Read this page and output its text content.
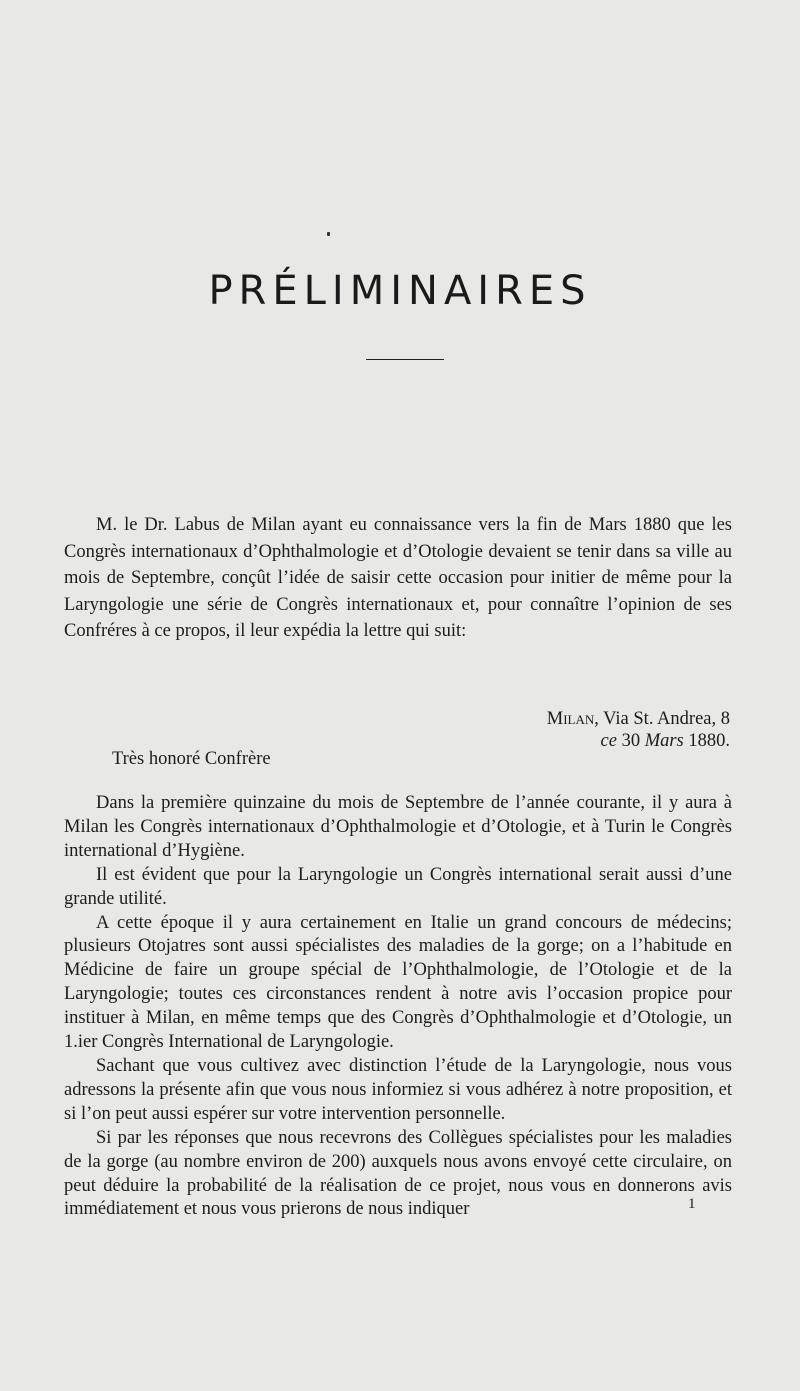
PRÉLIMINAIRES

M. le Dr. Labus de Milan ayant eu connaissance vers la fin de Mars 1880 que les Congrès internationaux d’Ophthalmologie et d’Otologie devaient se tenir dans sa ville au mois de Septembre, conçût l’idée de saisir cette occasion pour initier de même pour la Laryngologie une série de Congrès internationaux et, pour connaître l’opinion de ses Confréres à ce propos, il leur expédia la lettre qui suit:

Milan, Via St. Andrea, 8
ce 30 Mars 1880.
Très honoré Confrère

Dans la première quinzaine du mois de Septembre de l’année courante, il y aura à Milan les Congrès internationaux d’Ophthalmologie et d’Otologie, et à Turin le Congrès international d’Hygiène.

Il est évident que pour la Laryngologie un Congrès international serait aussi d’une grande utilité.

A cette époque il y aura certainement en Italie un grand concours de médecins; plusieurs Otojatres sont aussi spécialistes des maladies de la gorge; on a l’habitude en Médicine de faire un groupe spécial de l’Ophthalmologie, de l’Otologie et de la Laryngologie; toutes ces circonstances rendent à notre avis l’occasion propice pour instituer à Milan, en même temps que des Congrès d’Ophthalmologie et d’Otologie, un 1.ier Congrès International de Laryngologie.

Sachant que vous cultivez avec distinction l’étude de la Laryngologie, nous vous adressons la présente afin que vous nous informiez si vous adhérez à notre proposition, et si l’on peut aussi espérer sur votre intervention personnelle.

Si par les réponses que nous recevrons des Collègues spécialistes pour les maladies de la gorge (au nombre environ de 200) auxquels nous avons envoyé cette circulaire, on peut déduire la probabilité de la réalisation de ce projet, nous vous en donnerons avis immédiatement et nous vous prierons de nous indiquer	1
